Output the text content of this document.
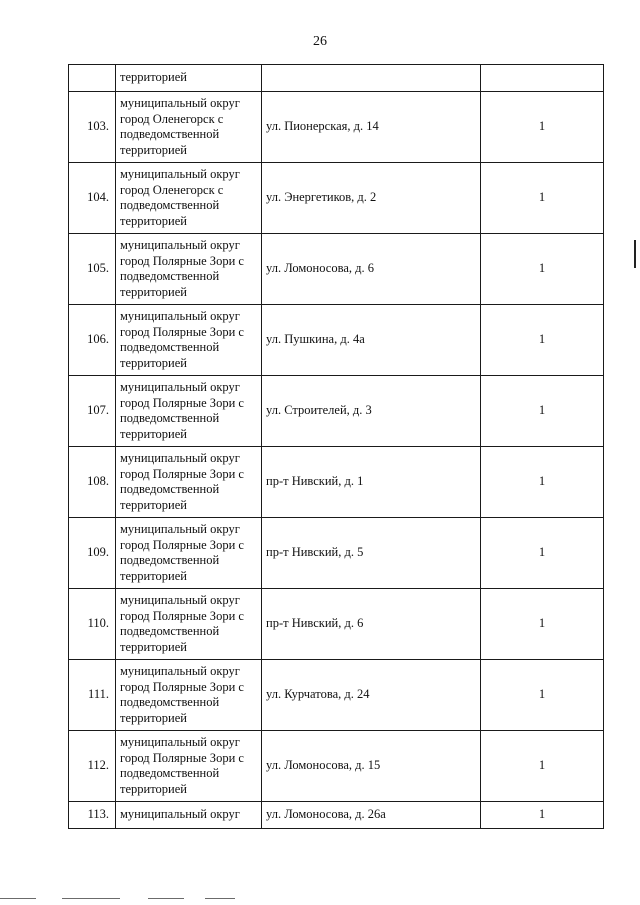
26
	территорией		
103.	муниципальный округ
город Оленегорск с
подведомственной
территорией	ул. Пионерская, д. 14	1
104.	муниципальный округ
город Оленегорск с
подведомственной
территорией	ул. Энергетиков, д. 2	1
105.	муниципальный округ
город Полярные Зори с
подведомственной
территорией	ул. Ломоносова, д. 6	1
106.	муниципальный округ
город Полярные Зори с
подведомственной
территорией	ул. Пушкина, д. 4а	1
107.	муниципальный округ
город Полярные Зори с
подведомственной
территорией	ул. Строителей, д. 3	1
108.	муниципальный округ
город Полярные Зори с
подведомственной
территорией	пр-т Нивский, д. 1	1
109.	муниципальный округ
город Полярные Зори с
подведомственной
территорией	пр-т Нивский, д. 5	1
110.	муниципальный округ
город Полярные Зори с
подведомственной
территорией	пр-т Нивский, д. 6	1
111.	муниципальный округ
город Полярные Зори с
подведомственной
территорией	ул. Курчатова, д. 24	1
112.	муниципальный округ
город Полярные Зори с
подведомственной
территорией	ул. Ломоносова, д. 15	1
113.	муниципальный округ	ул. Ломоносова, д. 26а	1
